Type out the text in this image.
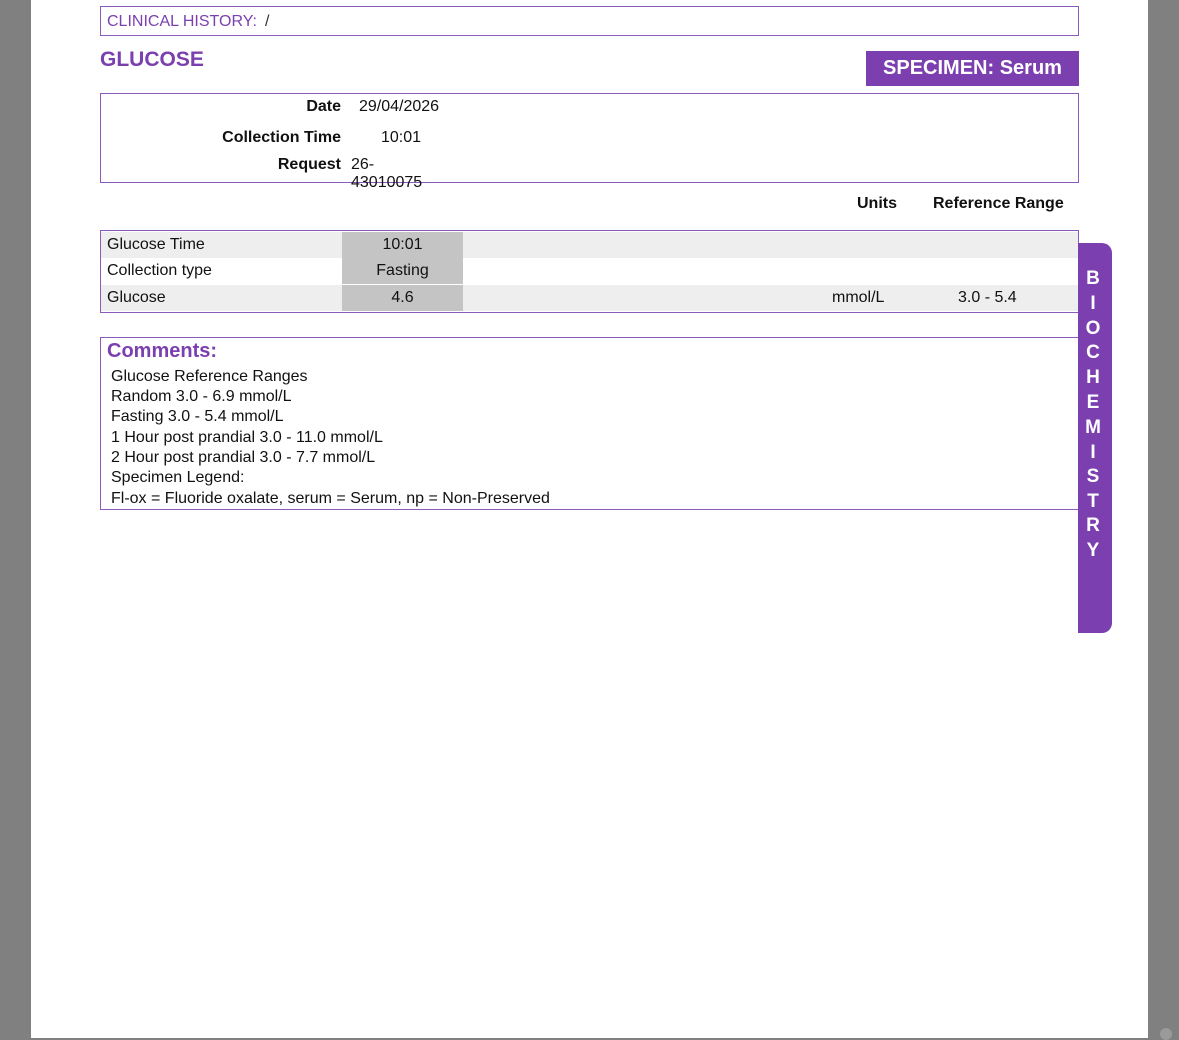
CLINICAL HISTORY: /
GLUCOSE	SPECIMEN: Serum
Date 29/04/2026
Collection Time	10:01
Request 26-43010075
Units Reference Range
Glucose Time	10:01
Collection type	Fasting
Glucose	4.6	mmol/L	3.0 - 5.4
Comments:
Glucose Reference Ranges
Random 3.0 - 6.9 mmol/L
Fasting 3.0 - 5.4 mmol/L
1 Hour post prandial 3.0 - 11.0 mmol/L
2 Hour post prandial 3.0 - 7.7 mmol/L
Specimen Legend:
Fl-ox = Fluoride oxalate, serum = Serum, np = Non-Preserved
B
I
O
C
H
E
M
I
S
T
R
Y
